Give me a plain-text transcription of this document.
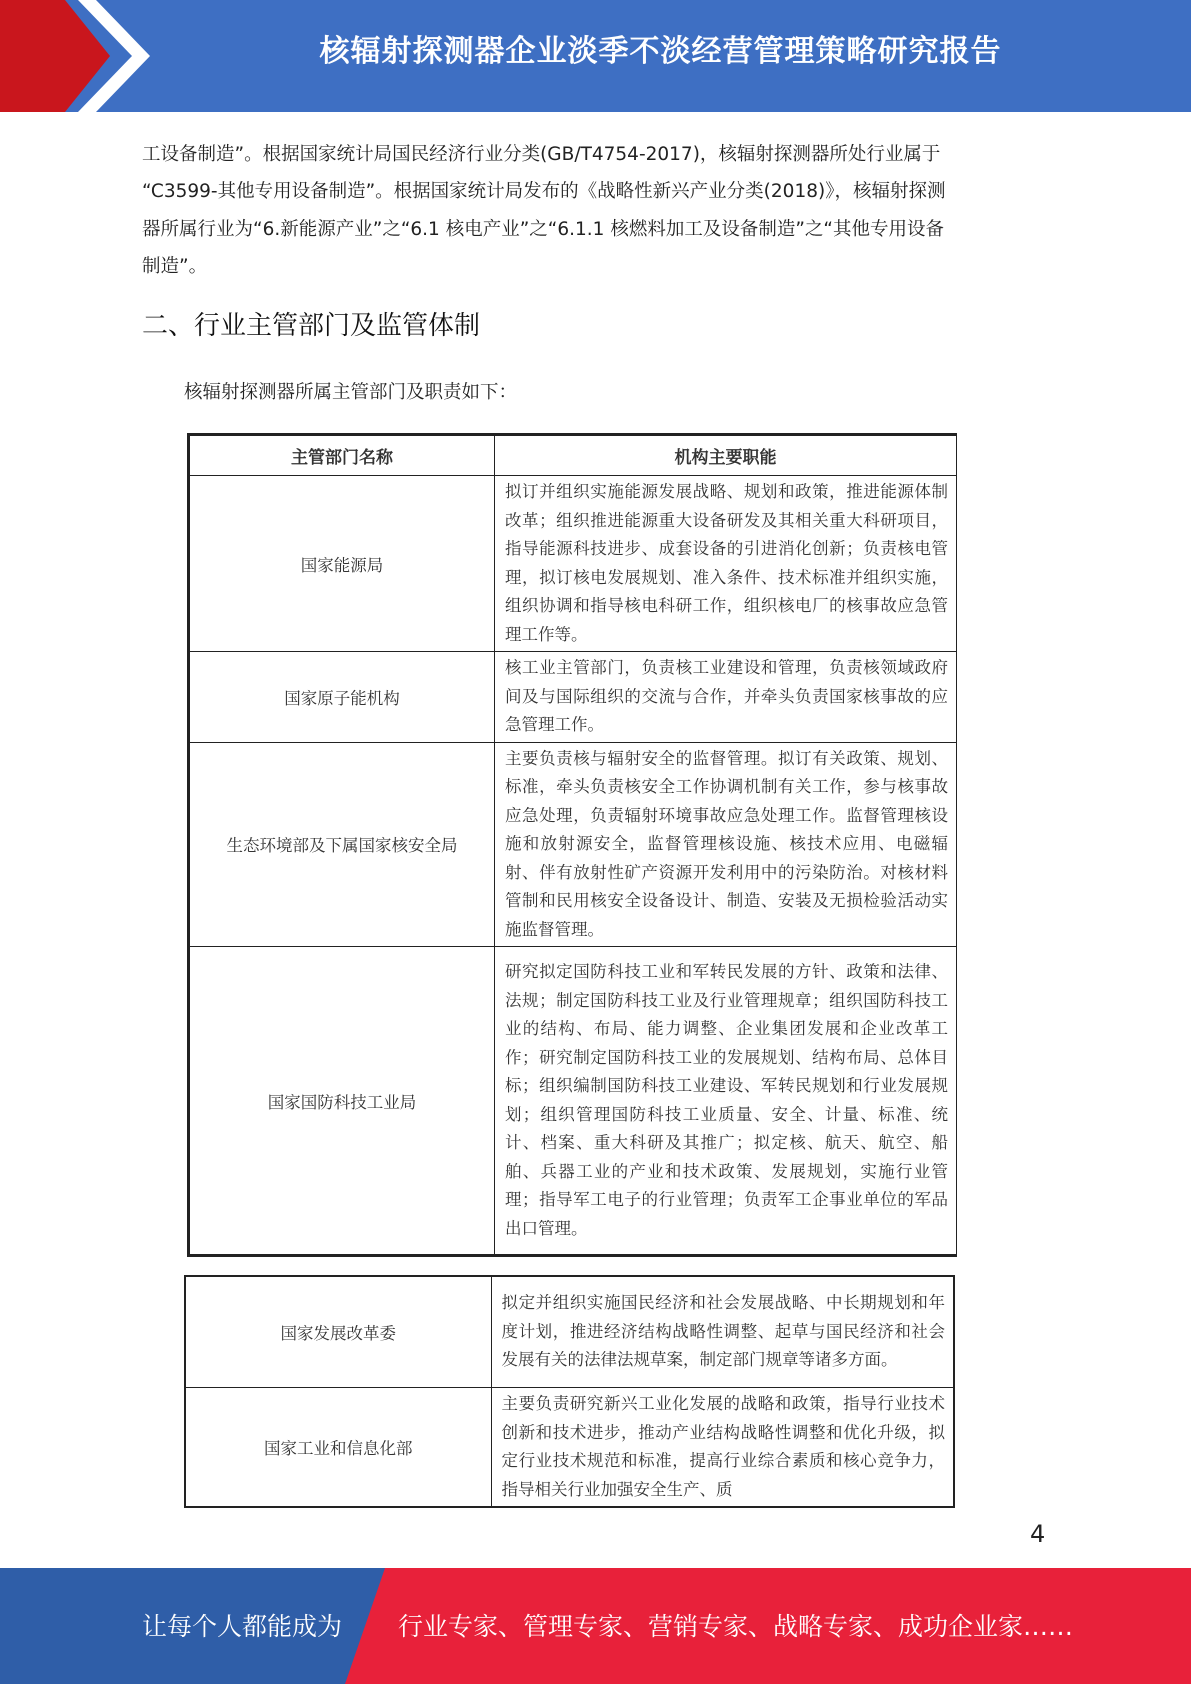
核辐射探测器企业淡季不淡经营管理策略研究报告
工设备制造”。根据国家统计局国民经济行业分类(GB/T4754-2017)，核辐射探测器所处行业属于
“C3599-其他专用设备制造”。根据国家统计局发布的《战略性新兴产业分类(2018)》，核辐射探测
器所属行业为“6.新能源产业”之“6.1 核电产业”之“6.1.1 核燃料加工及设备制造”之“其他专用设备
制造”。
二、行业主管部门及监管体制
核辐射探测器所属主管部门及职责如下：
主管部门名称	机构主要职能
国家能源局	拟订并组织实施能源发展战略、规划和政策，推进能源体制改革；组织推进能源重大设备研发及其相关重大科研项目，指导能源科技进步、成套设备的引进消化创新；负责核电管理，拟订核电发展规划、准入条件、技术标准并组织实施，组织协调和指导核电科研工作，组织核电厂的核事故应急管理工作等。
国家原子能机构	核工业主管部门，负责核工业建设和管理，负责核领域政府间及与国际组织的交流与合作，并牵头负责国家核事故的应急管理工作。
生态环境部及下属国家核安全局	主要负责核与辐射安全的监督管理。拟订有关政策、规划、标准，牵头负责核安全工作协调机制有关工作，参与核事故应急处理，负责辐射环境事故应急处理工作。监督管理核设施和放射源安全，监督管理核设施、核技术应用、电磁辐射、伴有放射性矿产资源开发利用中的污染防治。对核材料管制和民用核安全设备设计、制造、安装及无损检验活动实施监督管理。
国家国防科技工业局	研究拟定国防科技工业和军转民发展的方针、政策和法律、法规；制定国防科技工业及行业管理规章；组织国防科技工业的结构、布局、能力调整、企业集团发展和企业改革工作；研究制定国防科技工业的发展规划、结构布局、总体目标；组织编制国防科技工业建设、军转民规划和行业发展规划；组织管理国防科技工业质量、安全、计量、标准、统计、档案、重大科研及其推广；拟定核、航天、航空、船舶、兵器工业的产业和技术政策、发展规划，实施行业管理；指导军工电子的行业管理；负责军工企事业单位的军品出口管理。
国家发展改革委	拟定并组织实施国民经济和社会发展战略、中长期规划和年度计划，推进经济结构战略性调整、起草与国民经济和社会发展有关的法律法规草案，制定部门规章等诸多方面。
国家工业和信息化部	主要负责研究新兴工业化发展的战略和政策，指导行业技术创新和技术进步，推动产业结构战略性调整和优化升级，拟定行业技术规范和标准，提高行业综合素质和核心竞争力，指导相关行业加强安全生产、质
4
让每个人都能成为 行业专家、管理专家、营销专家、战略专家、成功企业家……
